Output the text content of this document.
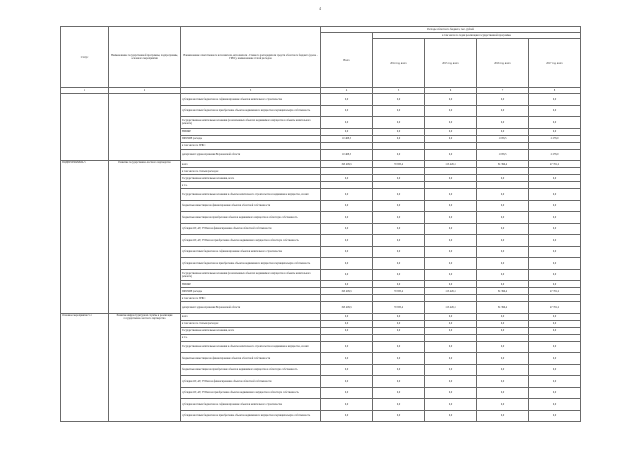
4
Статус	Наименование государственной программы, подпрограммы, основного мероприятия	Наименование ответственного исполнителя, исполнителя - Главного распорядителя средств областного бюджета (далее - ГРБС), наименование статей расходов	Расходы областного бюджета, тыс. рублей				
			Всего	в том числе по годам реализации государственной программы			
				2014 год, всего	2015 год, всего	2016 год, всего	2017 год, всего
1	2	3	4	5	6	7	8
		субсидии местным бюджетам на софинансирование объектов капитального строительства	0,0	0,0	0,0	0,0	0,0
		субсидии местным бюджетам на приобретение объектов недвижимого имущества в муниципальную собственность	0,0	0,0	0,0	0,0	0,0
		Государственные капитальные вложения (в назначенных объектах недвижимого имущества в объекты капитального ремонта)	0,0	0,0	0,0	0,0	0,0
		НИОКР	0,0	0,0	0,0	0,0	0,0
		ПРОЧИЕ расходы	10 408,5	0,0	0,0	1 058,5	2 278,0
		в том числе по ГРБС:					
		департамент здравоохранения Воронежской области	10 408,5	0,0	0,0	1 058,5	2 278,0
ПОДПРОГРАММА 5	Развитие государственно-частного партнерства	всего	193 409,5	70 835,4	115 426,1	81 396,4	47 761,2
		в том числе по статьям расходов:					
		Государственные капитальные вложения, всего	0,0	0,0	0,0	0,0	0,0
		в т.ч.					
		Государственные капитальные вложения в объекты капитального строительства и недвижимое имущество, из них:	0,0	0,0	0,0	0,0	0,0
		бюджетные инвестиции на финансирование объектов областной собственности	0,0	0,0	0,0	0,0	0,0
		бюджетные инвестиции на приобретение объектов недвижимого имущества в областную собственность	0,0	0,0	0,0	0,0	0,0
		субсидии ОГ, АУ, ГУПам на финансирование объектов областной собственности	0,0	0,0	0,0	0,0	0,0
		субсидии ОГ, АУ, ГУПам на приобретение объектов недвижимого имущества в областную собственность	0,0	0,0	0,0	0,0	0,0
		субсидии местным бюджетам на софинансирование объектов капитального строительства	0,0	0,0	0,0	0,0	0,0
		субсидии местным бюджетам на приобретение объектов недвижимого имущества в муниципальную собственность	0,0	0,0	0,0	0,0	0,0
		Государственные капитальные вложения (в назначенных объектах недвижимого имущества в объекты капитального ремонта)	0,0	0,0	0,0	0,0	0,0
		НИОКР	0,0	0,0	0,0	0,0	0,0
		ПРОЧИЕ расходы	193 409,5	70 835,4	115 426,1	81 396,4	47 761,2
		в том числе по ГРБС:					
		департамент здравоохранения Воронежской области	193 409,5	70 835,4	115 426,1	81 396,4	47 761,2
Основное мероприятие 5.1	Развитие инфраструктурной службы и реализация государственно-частного партнерства	всего	0,0	0,0	0,0	0,0	0,0
		в том числе по статьям расходов:	0,0	0,0	0,0	0,0	0,0
		Государственные капитальные вложения, всего	0,0	0,0	0,0	0,0	0,0
		в т.ч.					
		Государственные капитальные вложения в объекты капитального строительства и недвижимое имущество, из них:	0,0	0,0	0,0	0,0	0,0
		бюджетные инвестиции на финансирование объектов областной собственности	0,0	0,0	0,0	0,0	0,0
		бюджетные инвестиции на приобретение объектов недвижимого имущества в областную собственность	0,0	0,0	0,0	0,0	0,0
		субсидии ОГ, АУ, ГУПам на финансирование объектов областной собственности	0,0	0,0	0,0	0,0	0,0
		субсидии ОГ, АУ, ГУПам на приобретение объектов недвижимого имущества в областную собственность	0,0	0,0	0,0	0,0	0,0
		субсидии местным бюджетам на софинансирование объектов капитального строительства	0,0	0,0	0,0	0,0	0,0
		субсидии местным бюджетам на приобретение объектов недвижимого имущества в муниципальную собственность	0,0	0,0	0,0	0,0	0,0
